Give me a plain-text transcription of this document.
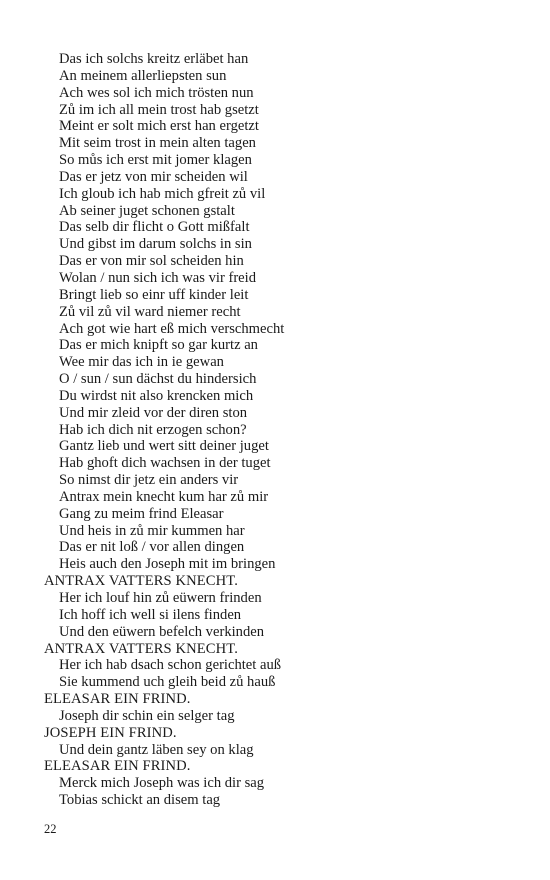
Das ich solchs kreitz erläbet han
An meinem allerliepsten sun
Ach wes sol ich mich trösten nun
Zů im ich all mein trost hab gsetzt
Meint er solt mich erst han ergetzt
Mit seim trost in mein alten tagen
So můs ich erst mit jomer klagen
Das er jetz von mir scheiden wil
Ich gloub ich hab mich gfreit zů vil
Ab seiner juget schonen gstalt
Das selb dir flicht o Gott mißfalt
Und gibst im darum solchs in sin
Das er von mir sol scheiden hin
Wolan / nun sich ich was vir freid
Bringt lieb so einr uff kinder leit
Zů vil zů vil ward niemer recht
Ach got wie hart eß mich verschmecht
Das er mich knipft so gar kurtz an
Wee mir das ich in ie gewan
O / sun / sun dächst du hindersich
Du wirdst nit also krencken mich
Und mir zleid vor der diren ston
Hab ich dich nit erzogen schon?
Gantz lieb und wert sitt deiner juget
Hab ghoft dich wachsen in der tuget
So nimst dir jetz ein anders vir
Antrax mein knecht kum har zů mir
Gang zu meim frind Eleasar
Und heis in zů mir kummen har
Das er nit loß / vor allen dingen
Heis auch den Joseph mit im bringen
ANTRAX VATTERS KNECHT.
Her ich louf hin zů eüwern frinden
Ich hoff ich well si ilens finden
Und den eüwern befelch verkinden
ANTRAX VATTERS KNECHT.
Her ich hab dsach schon gerichtet auß
Sie kummend uch gleih beid zů hauß
ELEASAR EIN FRIND.
Joseph dir schin ein selger tag
JOSEPH EIN FRIND.
Und dein gantz läben sey on klag
ELEASAR EIN FRIND.
Merck mich Joseph was ich dir sag
Tobias schickt an disem tag
22
